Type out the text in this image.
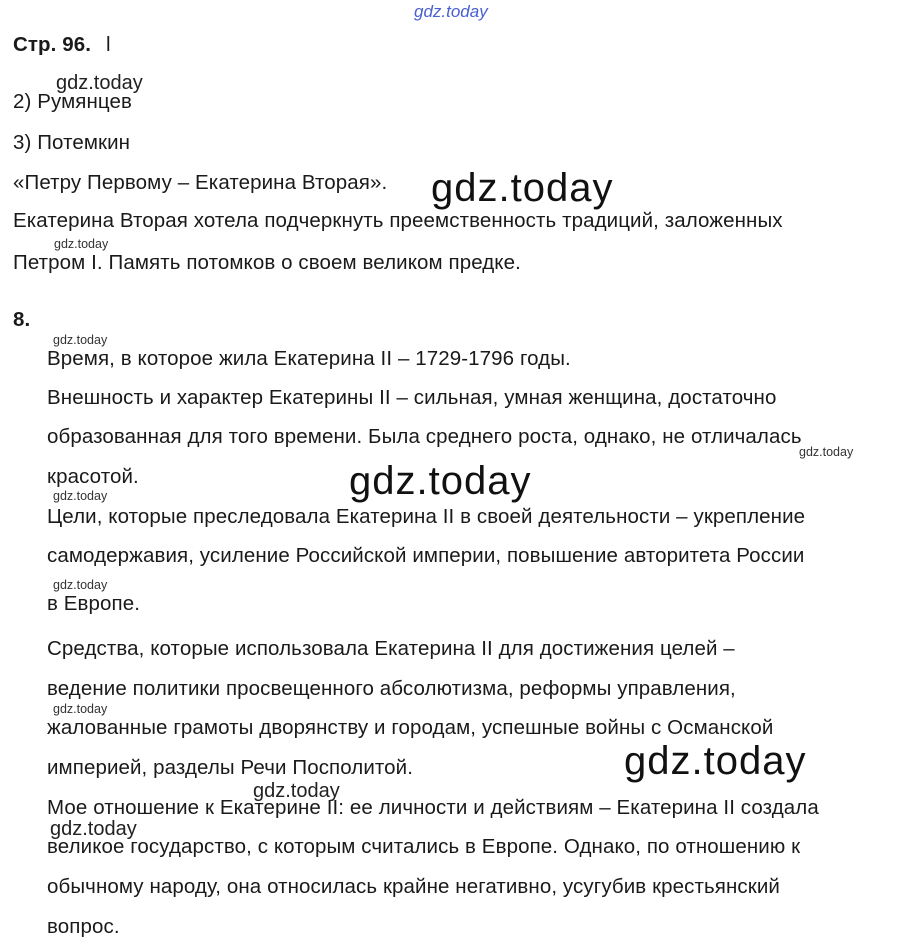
gdz.today
Стр. 96. l
gdz.today
2) Румянцев
3) Потемкин
«Петру Первому – Екатерина Вторая». gdz.today
Екатерина Вторая хотела подчеркнуть преемственность традиций, заложенных
gdz.today
Петром I. Память потомков о своем великом предке.
8.
gdz.today
Время, в которое жила Екатерина II – 1729-1796 годы.
Внешность и характер Екатерины II – сильная, умная женщина, достаточно
образованная для того времени. Была среднего роста, однако, не отличалась
gdz.today
красотой.	gdz.today
gdz.today
Цели, которые преследовала Екатерина II в своей деятельности – укрепление
самодержавия, усиление Российской империи, повышение авторитета России
gdz.today
в Европе.
Средства, которые использовала Екатерина II для достижения целей –
ведение политики просвещенного абсолютизма, реформы управления,
gdz.today
жалованные грамоты дворянству и городам, успешные войны с Османской
империей, разделы Речи Посполитой.	gdz.today
gdz.today
Мое отношение к Екатерине II: ее личности и действиям – Екатерина II создала
gdz.today
великое государство, с которым считались в Европе. Однако, по отношению к
обычному народу, она относилась крайне негативно, усугубив крестьянский
вопрос.
